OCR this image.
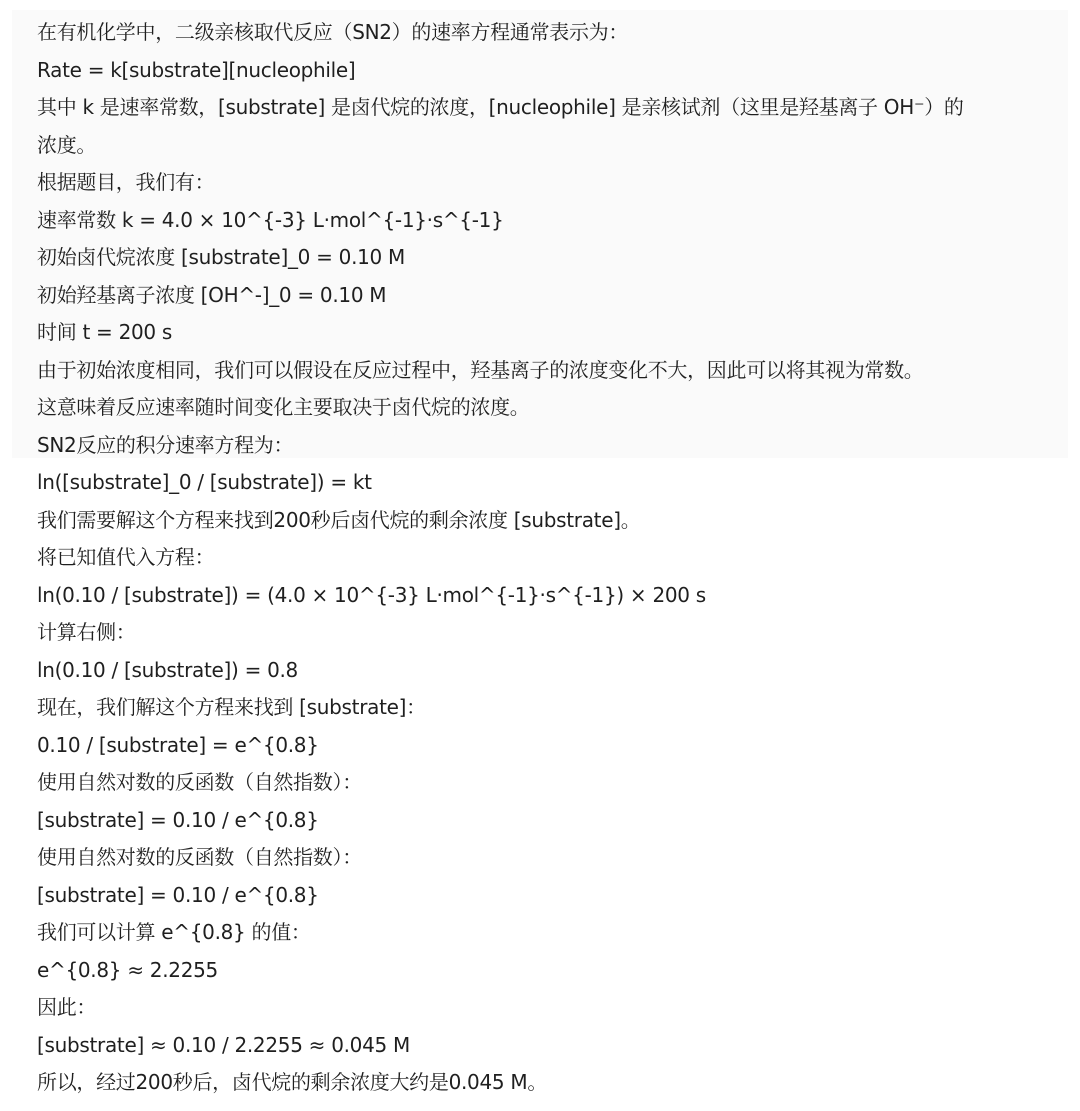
在有机化学中，二级亲核取代反应（SN2）的速率方程通常表示为：
Rate = k[substrate][nucleophile]
其中 k 是速率常数，[substrate] 是卤代烷的浓度，[nucleophile] 是亲核试剂（这里是羟基离子 OH⁻）的
浓度。
根据题目，我们有：
速率常数 k = 4.0 × 10^{-3} L·mol^{-1}·s^{-1}
初始卤代烷浓度 [substrate]_0 = 0.10 M
初始羟基离子浓度 [OH^-]_0 = 0.10 M
时间 t = 200 s
由于初始浓度相同，我们可以假设在反应过程中，羟基离子的浓度变化不大，因此可以将其视为常数。
这意味着反应速率随时间变化主要取决于卤代烷的浓度。
SN2反应的积分速率方程为：
ln([substrate]_0 / [substrate]) = kt
我们需要解这个方程来找到200秒后卤代烷的剩余浓度 [substrate]。
将已知值代入方程：
ln(0.10 / [substrate]) = (4.0 × 10^{-3} L·mol^{-1}·s^{-1}) × 200 s
计算右侧：
ln(0.10 / [substrate]) = 0.8
现在，我们解这个方程来找到 [substrate]：
0.10 / [substrate] = e^{0.8}
使用自然对数的反函数（自然指数）：
[substrate] = 0.10 / e^{0.8}
使用自然对数的反函数（自然指数）：
[substrate] = 0.10 / e^{0.8}
我们可以计算 e^{0.8} 的值：
e^{0.8} ≈ 2.2255
因此：
[substrate] ≈ 0.10 / 2.2255 ≈ 0.045 M
所以，经过200秒后，卤代烷的剩余浓度大约是0.045 M。
